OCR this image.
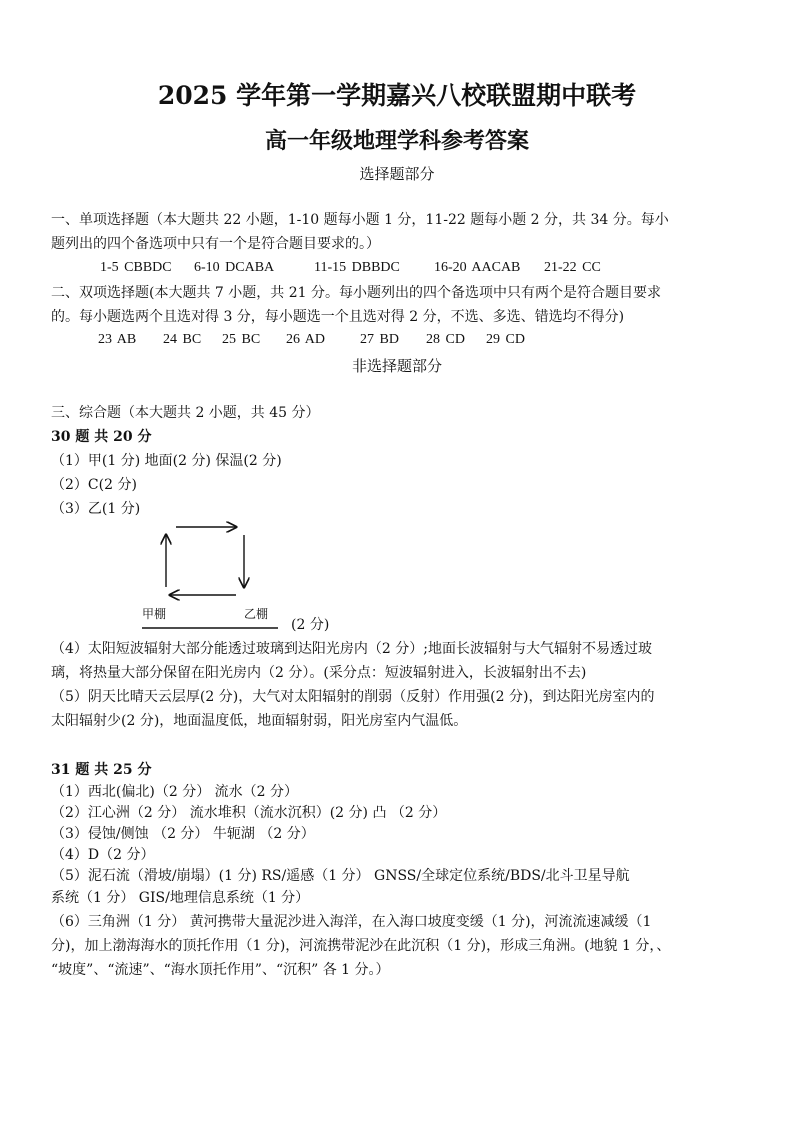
2025 学年第一学期嘉兴八校联盟期中联考
高一年级地理学科参考答案
选择题部分
一、单项选择题（本大题共 22 小题，1-10 题每小题 1 分，11-22 题每小题 2 分，共 34 分。每小
题列出的四个备选项中只有一个是符合题目要求的。）
1-5 CBBDC 6-10 DCABA	11-15 DBBDC 16-20 AACAB 21-22 CC
二、双项选择题(本大题共 7 小题，共 21 分。每小题列出的四个备选项中只有两个是符合题目要求
的。每小题选两个且选对得 3 分，每小题选一个且选对得 2 分，不选、多选、错选均不得分)
23 AB 24 BC 25 BC 26 AD	27 BD 28 CD 29 CD
非选择题部分
三、综合题（本大题共 2 小题，共 45 分）
30 题 共 20 分
（1）甲(1 分) 地面(2 分) 保温(2 分)
（2）C(2 分)
（3）乙(1 分)
甲棚	乙棚
(2 分)
（4）太阳短波辐射大部分能透过玻璃到达阳光房内（2 分）;地面长波辐射与大气辐射不易透过玻
璃，将热量大部分保留在阳光房内（2 分）。(采分点：短波辐射进入，长波辐射出不去)
（5）阴天比晴天云层厚(2 分)，大气对太阳辐射的削弱（反射）作用强(2 分)，到达阳光房室内的
太阳辐射少(2 分)，地面温度低，地面辐射弱，阳光房室内气温低。
31 题 共 25 分
（1）西北(偏北)（2 分） 流水（2 分）
（2）江心洲（2 分） 流水堆积（流水沉积）(2 分) 凸 （2 分）
（3）侵蚀/侧蚀 （2 分） 牛轭湖 （2 分）
（4）D（2 分）
（5）泥石流（滑坡/崩塌）(1 分) RS/遥感（1 分） GNSS/全球定位系统/BDS/北斗卫星导航
系统（1 分） GIS/地理信息系统（1 分）
（6）三角洲（1 分） 黄河携带大量泥沙进入海洋，在入海口坡度变缓（1 分)，河流流速减缓（1
分)，加上渤海海水的顶托作用（1 分)，河流携带泥沙在此沉积（1 分)，形成三角洲。(地貌 1 分，、
“坡度”、“流速”、“海水顶托作用”、“沉积” 各 1 分。）
